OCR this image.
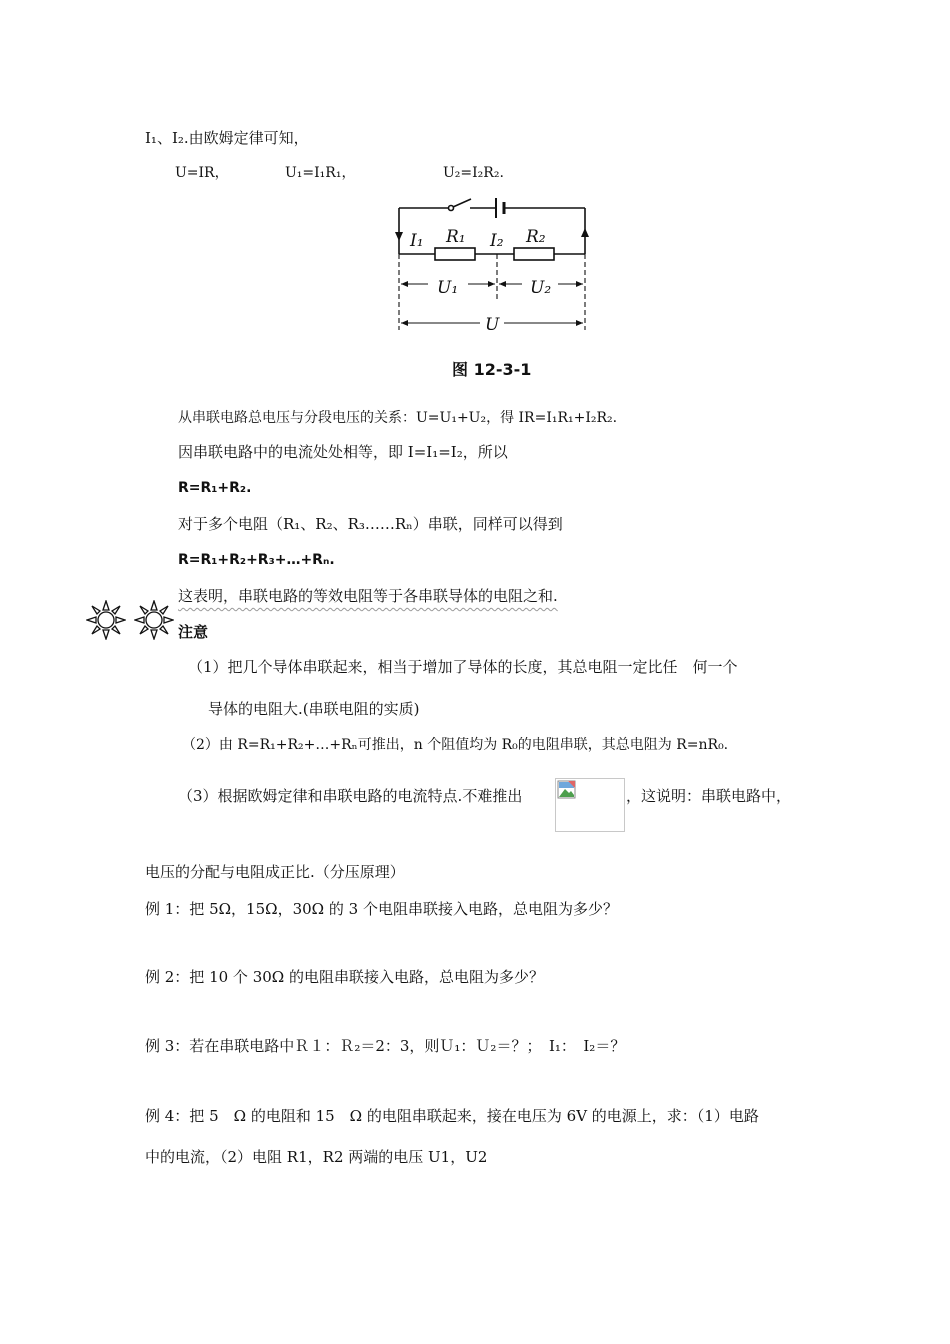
I₁、I₂.由欧姆定律可知，
U=IR，	U₁=I₁R₁，	U₂=I₂R₂.
I₁ R₁ I₂ R₂
U₁	U₂
U
图 12-3-1
从串联电路总电压与分段电压的关系：U=U₁+U₂，得 IR=I₁R₁+I₂R₂.
因串联电路中的电流处处相等，即 I=I₁=I₂，所以
R=R₁+R₂.
对于多个电阻（R₁、R₂、R₃……Rₙ）串联，同样可以得到
R=R₁+R₂+R₃+…+Rₙ.
这表明，串联电路的等效电阻等于各串联导体的电阻之和.
注意
（1）把几个导体串联起来，相当于增加了导体的长度，其总电阻一定比任　何一个
导体的电阻大.(串联电阻的实质)
（2）由 R=R₁+R₂+…+Rₙ可推出，n 个阻值均为 R₀的电阻串联，其总电阻为 R=nR₀.
（3）根据欧姆定律和串联电路的电流特点.不难推出	，这说明：串联电路中，
电压的分配与电阻成正比.（分压原理）
例 1：把 5Ω，15Ω，30Ω 的 3 个电阻串联接入电路，总电阻为多少？
例 2：把 10 个 30Ω 的电阻串联接入电路，总电阻为多少？
例 3：若在串联电路中Ｒ１：Ｒ₂＝2：3，则Ｕ₁：Ｕ₂＝？；　I₁：　I₂＝？
例 4：把 5　Ω 的电阻和 15　Ω 的电阻串联起来，接在电压为 6V 的电源上，求：（1）电路
中的电流，（2）电阻 R1，R2 两端的电压 U1，U2
